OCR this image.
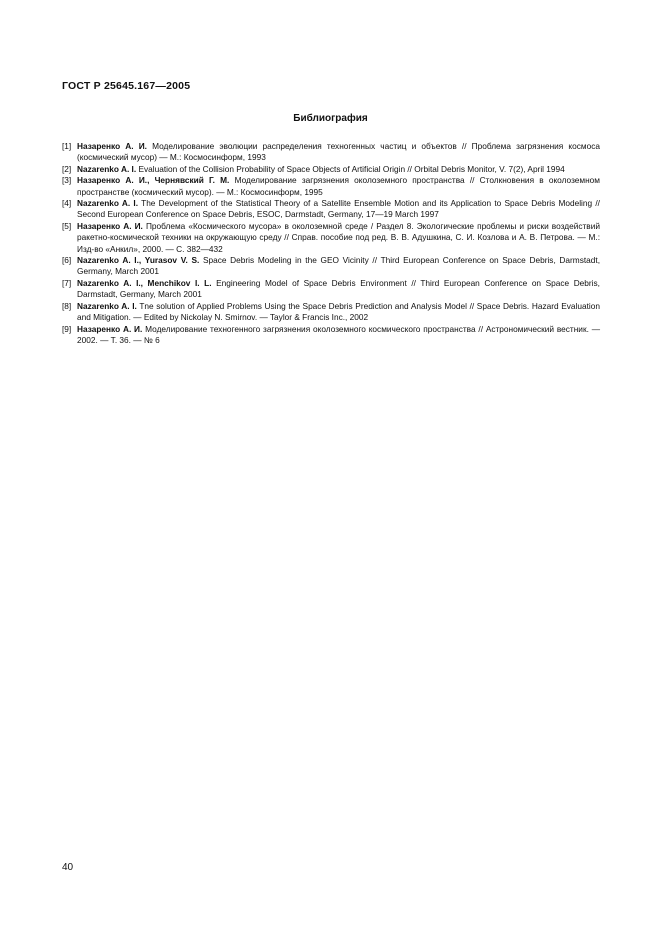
ГОСТ Р 25645.167—2005
Библиография
[1] Назаренко А. И. Моделирование эволюции распределения техногенных частиц и объектов // Проблема загрязнения космоса (космический мусор) — М.: Космосинформ, 1993
[2] Nazarenko A. I. Evaluation of the Collision Probability of Space Objects of Artificial Origin // Orbital Debris Monitor, V. 7(2), April 1994
[3] Назаренко А. И., Чернявский Г. М. Моделирование загрязнения околоземного пространства // Столкновения в околоземном пространстве (космический мусор). — М.: Космосинформ, 1995
[4] Nazarenko A. I. The Development of the Statistical Theory of a Satellite Ensemble Motion and its Application to Space Debris Modeling // Second European Conference on Space Debris, ESOC, Darmstadt, Germany, 17—19 March 1997
[5] Назаренко А. И. Проблема «Космического мусора» в околоземной среде / Раздел 8. Экологические проблемы и риски воздействий ракетно-космической техники на окружающую среду // Справ. пособие под ред. В. В. Адушкина, С. И. Козлова и А. В. Петрова. — М.: Изд-во «Анкил», 2000. — С. 382—432
[6] Nazarenko A. I., Yurasov V. S. Space Debris Modeling in the GEO Vicinity // Third European Conference on Space Debris, Darmstadt, Germany, March 2001
[7] Nazarenko A. I., Menchikov I. L. Engineering Model of Space Debris Environment // Third European Conference on Space Debris, Darmstadt, Germany, March 2001
[8] Nazarenko A. I. Tne solution of Applied Problems Using the Space Debris Prediction and Analysis Model // Space Debris. Hazard Evaluation and Mitigation. — Edited by Nickolay N. Smirnov. — Taylor & Francis Inc., 2002
[9] Назаренко А. И. Моделирование техногенного загрязнения околоземного космического пространства // Астрономический вестник. — 2002. — Т. 36. — № 6
40
